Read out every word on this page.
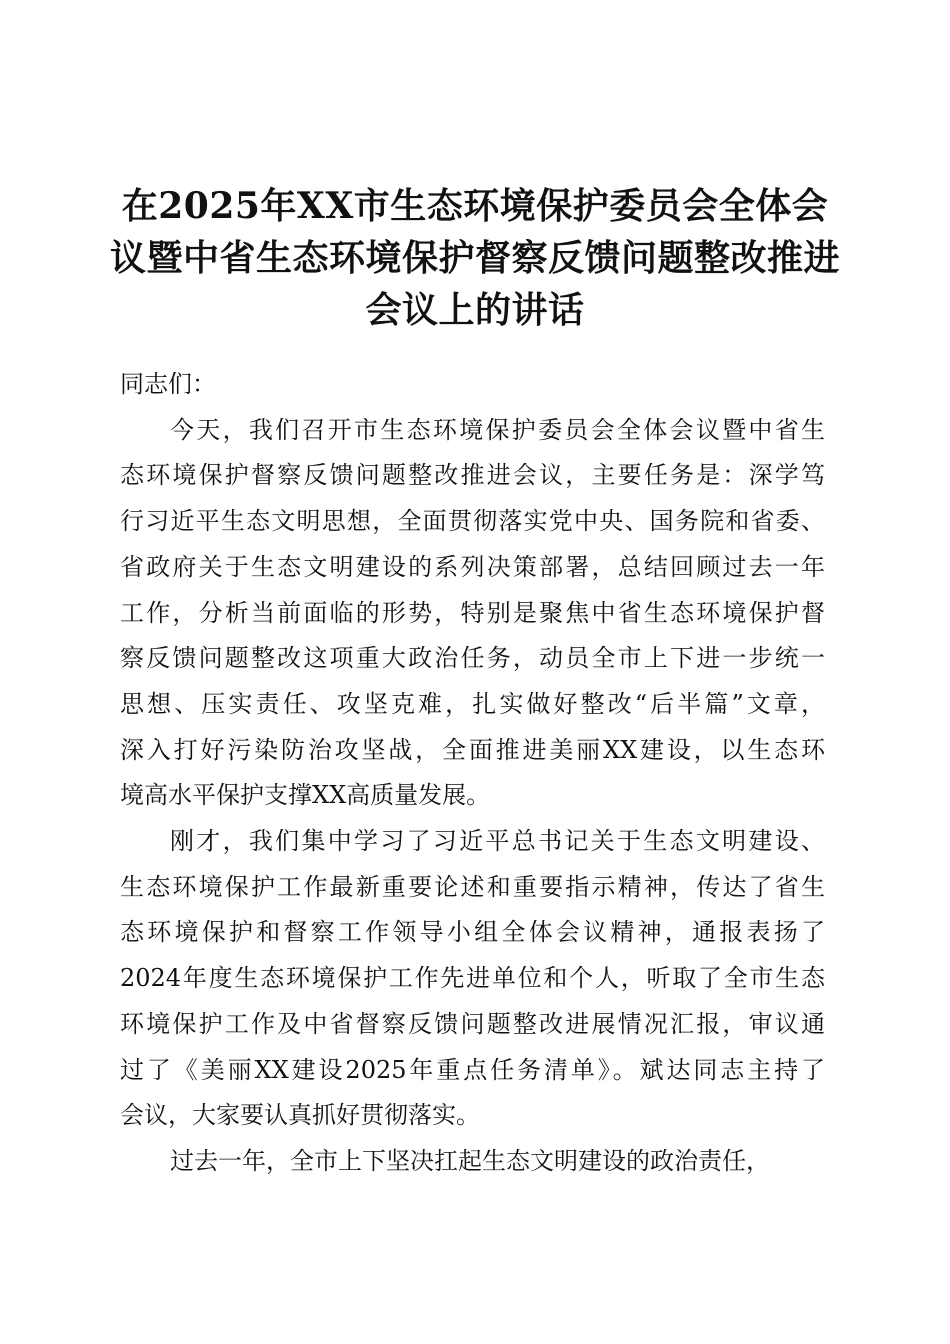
在2025年XX市生态环境保护委员会全体会
议暨中省生态环境保护督察反馈问题整改推进
会议上的讲话

同志们：

今天，我们召开市生态环境保护委员会全体会议暨中省生
态环境保护督察反馈问题整改推进会议，主要任务是：深学笃
行习近平生态文明思想，全面贯彻落实党中央、国务院和省委、
省政府关于生态文明建设的系列决策部署，总结回顾过去一年
工作，分析当前面临的形势，特别是聚焦中省生态环境保护督
察反馈问题整改这项重大政治任务，动员全市上下进一步统一
思想、压实责任、攻坚克难，扎实做好整改“后半篇”文章，
深入打好污染防治攻坚战，全面推进美丽XX建设，以生态环
境高水平保护支撑XX高质量发展。

刚才，我们集中学习了习近平总书记关于生态文明建设、
生态环境保护工作最新重要论述和重要指示精神，传达了省生
态环境保护和督察工作领导小组全体会议精神，通报表扬了
2024年度生态环境保护工作先进单位和个人，听取了全市生态
环境保护工作及中省督察反馈问题整改进展情况汇报，审议通
过了《美丽XX建设2025年重点任务清单》。斌达同志主持了
会议，大家要认真抓好贯彻落实。

过去一年，全市上下坚决扛起生态文明建设的政治责任，
